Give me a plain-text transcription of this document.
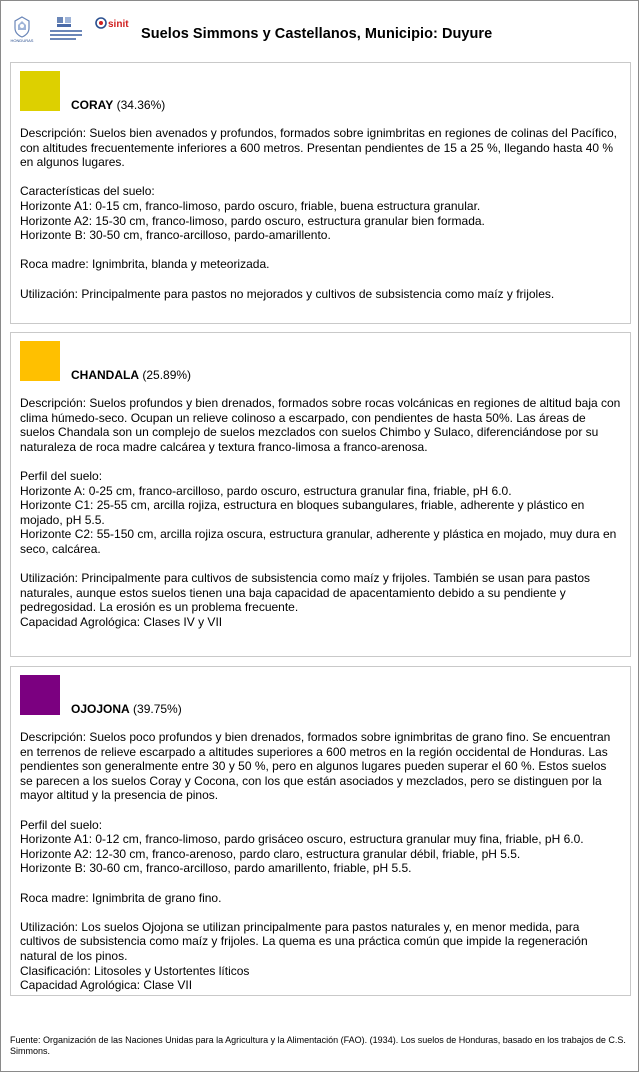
HONDURAS
sinit
Suelos Simmons y Castellanos, Municipio: Duyure
CORAY (34.36%)

Descripción: Suelos bien avenados y profundos, formados sobre ignimbritas en regiones de colinas del Pacífico, con altitudes frecuentemente inferiores a 600 metros. Presentan pendientes de 15 a 25 %, llegando hasta 40 % en algunos lugares.

Características del suelo:

Horizonte A1: 0-15 cm, franco-limoso, pardo oscuro, friable, buena estructura granular.

Horizonte A2: 15-30 cm, franco-limoso, pardo oscuro, estructura granular bien formada.

Horizonte B: 30-50 cm, franco-arcilloso, pardo-amarillento.

Roca madre: Ignimbrita, blanda y meteorizada.

Utilización: Principalmente para pastos no mejorados y cultivos de subsistencia como maíz y frijoles.

CHANDALA (25.89%)

Descripción: Suelos profundos y bien drenados, formados sobre rocas volcánicas en regiones de altitud baja con clima húmedo-seco. Ocupan un relieve colinoso a escarpado, con pendientes de hasta 50%. Las áreas de suelos Chandala son un complejo de suelos mezclados con suelos Chimbo y Sulaco, diferenciándose por su naturaleza de roca madre calcárea y textura franco-limosa a franco-arenosa.

Perfil del suelo:

Horizonte A: 0-25 cm, franco-arcilloso, pardo oscuro, estructura granular fina, friable, pH 6.0.

Horizonte C1: 25-55 cm, arcilla rojiza, estructura en bloques subangulares, friable, adherente y plástico en mojado, pH 5.5.

Horizonte C2: 55-150 cm, arcilla rojiza oscura, estructura granular, adherente y plástica en mojado, muy dura en seco, calcárea.

Utilización: Principalmente para cultivos de subsistencia como maíz y frijoles. También se usan para pastos naturales, aunque estos suelos tienen una baja capacidad de apacentamiento debido a su pendiente y pedregosidad. La erosión es un problema frecuente.

Capacidad Agrológica: Clases IV y VII

OJOJONA (39.75%)

Descripción: Suelos poco profundos y bien drenados, formados sobre ignimbritas de grano fino. Se encuentran en terrenos de relieve escarpado a altitudes superiores a 600 metros en la región occidental de Honduras. Las pendientes son generalmente entre 30 y 50 %, pero en algunos lugares pueden superar el 60 %. Estos suelos se parecen a los suelos Coray y Cocona, con los que están asociados y mezclados, pero se distinguen por la mayor altitud y la presencia de pinos.

Perfil del suelo:

Horizonte A1: 0-12 cm, franco-limoso, pardo grisáceo oscuro, estructura granular muy fina, friable, pH 6.0.

Horizonte A2: 12-30 cm, franco-arenoso, pardo claro, estructura granular débil, friable, pH 5.5.

Horizonte B: 30-60 cm, franco-arcilloso, pardo amarillento, friable, pH 5.5.

Roca madre: Ignimbrita de grano fino.

Utilización: Los suelos Ojojona se utilizan principalmente para pastos naturales y, en menor medida, para cultivos de subsistencia como maíz y frijoles. La quema es una práctica común que impide la regeneración natural de los pinos.

Clasificación: Litosoles y Ustortentes líticos

Capacidad Agrológica: Clase VII

Fuente: Organización de las Naciones Unidas para la Agricultura y la Alimentación (FAO). (1934). Los suelos de Honduras, basado en los trabajos de C.S. Simmons.
